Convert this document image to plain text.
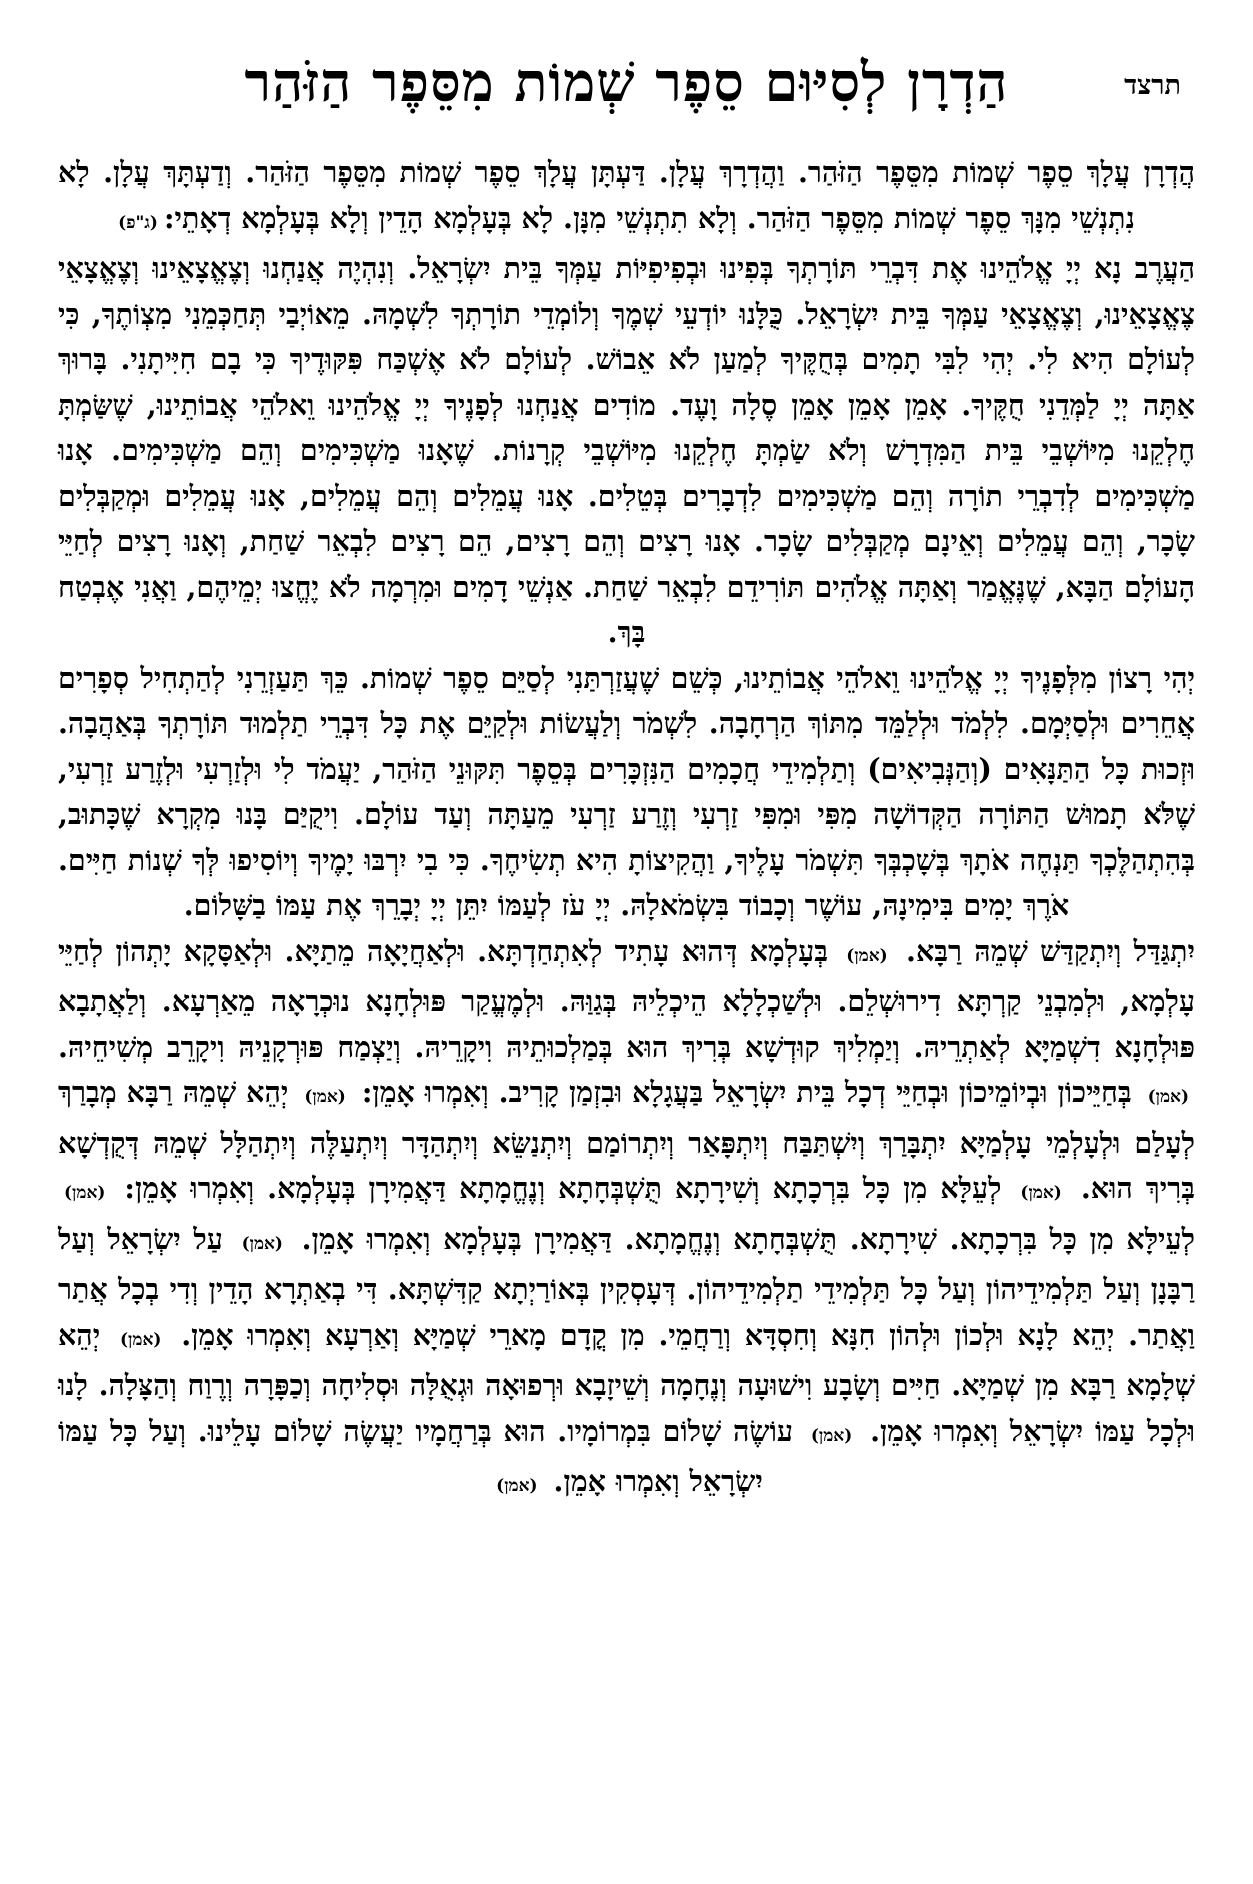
תרצד
הַדְרָן לְסִיּוּם סֵפֶר שְׁמוֹת מִסֵּפֶר הַזֹּהַר

הֲדְרָן עֲלָךְ סֵפֶר שְׁמוֹת מִסֵּפֶר הַזֹּהַר. וַהֲדְרָךְ עֲלָן. דַּעְתָּן עֲלָךְ סֵפֶר שְׁמוֹת מִסֵּפֶר הַזֹּהַר. וְדַעְתָּךְ עֲלָן. לָא נִתְנְשֵׁי מִנָּךְ סֵפֶר שְׁמוֹת מִסֵּפֶר הַזֹּהַר. וְלָא תִתְנְשֵׁי מִנָּן. לָא בְּעָלְמָא הָדֵין וְלָא בְּעָלְמָא דְאָתֵי:(ג"פ)

הַעֲרֶב נָא יְיָ אֱלֹהֵינוּ אֶת דִּבְרֵי תּוֹרָתְךָ בְּפִינוּ וּבְפִיפִיּוֹת עַמְּךָ בֵּית יִשְׂרָאֵל. וְנִהְיֶה אֲנַחְנוּ וְצֶאֱצָאֵינוּ וְצֶאֱצָאֵי צֶאֱצָאֵינוּ, וְצֶאֱצָאֵי עַמְּךָ בֵּית יִשְׂרָאֵל. כֻּלָּנוּ יוֹדְעֵי שְׁמֶךָ וְלוֹמְדֵי תוֹרָתְךָ לִשְׁמָהּ. מֵאוֹיְבַי תְּחַכְּמֵנִי מִצְוֹתֶךָ, כִּי לְעוֹלָם הִיא לִי. יְהִי לִבִּי תָמִים בְּחֻקֶּיךָ לְמַעַן לֹא אֵבוֹשׁ. לְעוֹלָם לֹא אֶשְׁכַּח פִּקּוּדֶיךָ כִּי בָם חִיִּיתָנִי. בָּרוּךְ אַתָּה יְיָ לַמְּדֵנִי חֻקֶּיךָ. אָמֵן אָמֵן אָמֵן סֶלָה וָעֶד. מוֹדִים אֲנַחְנוּ לְפָנֶיךָ יְיָ אֱלֹהֵינוּ וֵאלֹהֵי אֲבוֹתֵינוּ, שֶׁשַּׂמְתָּ חֶלְקֵנוּ מִיּוֹשְׁבֵי בֵּית הַמִּדְרָשׁ וְלֹא שַׂמְתָּ חֶלְקֵנוּ מִיּוֹשְׁבֵי קְרָנוֹת. שֶׁאָנוּ מַשְׁכִּימִים וְהֵם מַשְׁכִּימִים. אָנוּ מַשְׁכִּימִים לְדִבְרֵי תוֹרָה וְהֵם מַשְׁכִּימִים לִדְבָרִים בְּטֵלִים. אָנוּ עֲמֵלִים וְהֵם עֲמֵלִים, אָנוּ עֲמֵלִים וּמְקַבְּלִים שָׂכָר, וְהֵם עֲמֵלִים וְאֵינָם מְקַבְּלִים שָׂכָר. אָנוּ רָצִים וְהֵם רָצִים, הֵם רָצִים לִבְאֵר שַׁחַת, וְאָנוּ רָצִים לְחַיֵּי הָעוֹלָם הַבָּא, שֶׁנֶּאֱמַר וְאַתָּה אֱלֹהִים תּוֹרִידֵם לִבְאֵר שַׁחַת. אַנְשֵׁי דָמִים וּמִרְמָה לֹא יֶחֱצוּ יְמֵיהֶם, וַאֲנִי אֶבְטַח בָּךְ.

יְהִי רָצוֹן מִלְּפָנֶיךָ יְיָ אֱלֹהֵינוּ וֵאלֹהֵי אֲבוֹתֵינוּ, כְּשֵׁם שֶׁעֲזַרְתַּנִי לְסַיֵּם סֵפֶר שְׁמוֹת. כֵּךְ תַּעַזְרֵנִי לְהַתְחִיל סְפָרִים אֲחֵרִים וּלְסַיְּמָם. לִלְמֹד וּלְלַמֵּד מִתּוֹךְ הַרְחָבָה. לִשְׁמֹר וְלַעֲשׂוֹת וּלְקַיֵּם אֶת כָּל דִּבְרֵי תַלְמוּד תּוֹרָתְךָ בְּאַהֲבָה. וּזְכוּת כָּל הַתַּנָּאִים (וְהַנְּבִיאִים) וְתַלְמִידֵי חֲכָמִים הַנִּזְכָּרִים בְּסֵפֶר תִּקּוּנֵי הַזֹּהַר, יַעֲמֹד לִי וּלְזַרְעִי וּלְזֶרַע זַרְעִי, שֶׁלֹּא תָמוּשׁ הַתּוֹרָה הַקְּדוֹשָׁה מִפִּי וּמִפִּי זַרְעִי וְזֶרַע זַרְעִי מֵעַתָּה וְעַד עוֹלָם. וִיקֻיַּם בָּנוּ מִקְרָא שֶׁכָּתוּב, בְּהִתְהַלֶּכְךָ תַּנְחֶה אֹתָךְ בְּשָׁכְבְּךָ תִּשְׁמֹר עָלֶיךָ, וַהֲקִיצוֹתָ הִיא תְשִׂיחֶךָ. כִּי בִי יִרְבּוּ יָמֶיךָ וְיוֹסִיפוּ לְּךָ שְׁנוֹת חַיִּים. אֹרֶךְ יָמִים בִּימִינָהּ, עוֹשֶׁר וְכָבוֹד בִּשְׂמֹאלָהּ. יְיָ עֹז לְעַמּוֹ יִתֵּן יְיָ יְבָרֵךְ אֶת עַמּוֹ בַשָּׁלוֹם.

יִתְגַּדַּל וְיִתְקַדַּשׁ שְׁמֵהּ רַבָּא. (אמן) בְּעָלְמָא דְּהוּא עָתִיד לְאִתְחַדְתָּא. וּלְאַחֲיָאָה מֵתַיָּא. וּלְאַסָּקָא יָתְהוֹן לְחַיֵּי עָלְמָא, וּלְמִבְנֵי קַרְתָּא דִירוּשְׁלֵם. וּלְשַׁכְלָלָא הֵיכְלֵיהּ בְּגַוַּהּ. וּלְמֶעֱקַר פּוּלְחָנָא נוּכְרָאָה מֵאַרְעָא. וְלַאֲתָבָא פּוּלְחָנָא דִשְׁמַיָּא לְאַתְרֵיהּ. וְיַמְלִיךְ קוּדְשָׁא בְּרִיךְ הוּא בְּמַלְכוּתֵיהּ וִיקָרֵיהּ. וְיַצְמַח פּוּרְקָנֵיהּ וִיקָרֵב מְשִׁיחֵיהּ. (אמן) בְּחַיֵּיכוֹן וּבְיוֹמֵיכוֹן וּבְחַיֵּי דְכָל בֵּית יִשְׂרָאֵל בַּעֲגָלָא וּבִזְמַן קָרִיב. וְאִמְרוּ אָמֵן: (אמן) יְהֵא שְׁמֵהּ רַבָּא מְבָרַךְ לְעָלַם וּלְעָלְמֵי עָלְמַיָּא יִתְבָּרַךְ וְיִשְׁתַּבַּח וְיִתְפָּאַר וְיִתְרוֹמַם וְיִתְנַשֵּׂא וְיִתְהַדָּר וְיִתְעַלֶּה וְיִתְהַלָּל שְׁמֵהּ דְּקֻדְשָׁא בְּרִיךְ הוּא. (אמן) לְעֵלָּא מִן כָּל בִּרְכָתָא וְשִׁירָתָא תֻּשְׁבְּחָתָא וְנֶחֱמָתָא דַּאֲמִירָן בְּעָלְמָא. וְאִמְרוּ אָמֵן: (אמן) לְעֵילָּא מִן כָּל בִּרְכָתָא. שִׁירָתָא. תֻּשְׁבְּחָתָא וְנֶחֱמָתָא. דַּאֲמִירָן בְּעָלְמָא וְאִמְרוּ אָמֵן. (אמן) עַל יִשְׂרָאֵל וְעַל רַבָּנָן וְעַל תַּלְמִידֵיהוֹן וְעַל כָּל תַּלְמִידֵי תַלְמִידֵיהוֹן. דְּעָסְקִין בְּאוֹרַיְתָא קַדִּשְׁתָּא. דִּי בְאַתְרָא הָדֵין וְדִי בְכָל אֲתַר וַאֲתַר. יְהֵא לָנָא וּלְכוֹן וּלְהוֹן חִנָּא וְחִסְדָּא וְרַחֲמֵי. מִן קֳדָם מָארֵי שְׁמַיָּא וְאַרְעָא וְאִמְרוּ אָמֵן. (אמן) יְהֵא שְׁלָמָא רַבָּא מִן שְׁמַיָּא. חַיִּים וְשָׂבָע וִישׁוּעָה וְנֶחָמָה וְשֵׁיזָבָא וּרְפוּאָה וּגְאֻלָּה וּסְלִיחָה וְכַפָּרָה וְרֶוַח וְהַצָּלָה. לָנוּ וּלְכָל עַמּוֹ יִשְׂרָאֵל וְאִמְרוּ אָמֵן. (אמן) עוֹשֶׂה שָׁלוֹם בִּמְרוֹמָיו. הוּא בְּרַחֲמָיו יַעֲשֶׂה שָׁלוֹם עָלֵינוּ. וְעַל כָּל עַמּוֹ יִשְׂרָאֵל וְאִמְרוּ אָמֵן. (אמן)
